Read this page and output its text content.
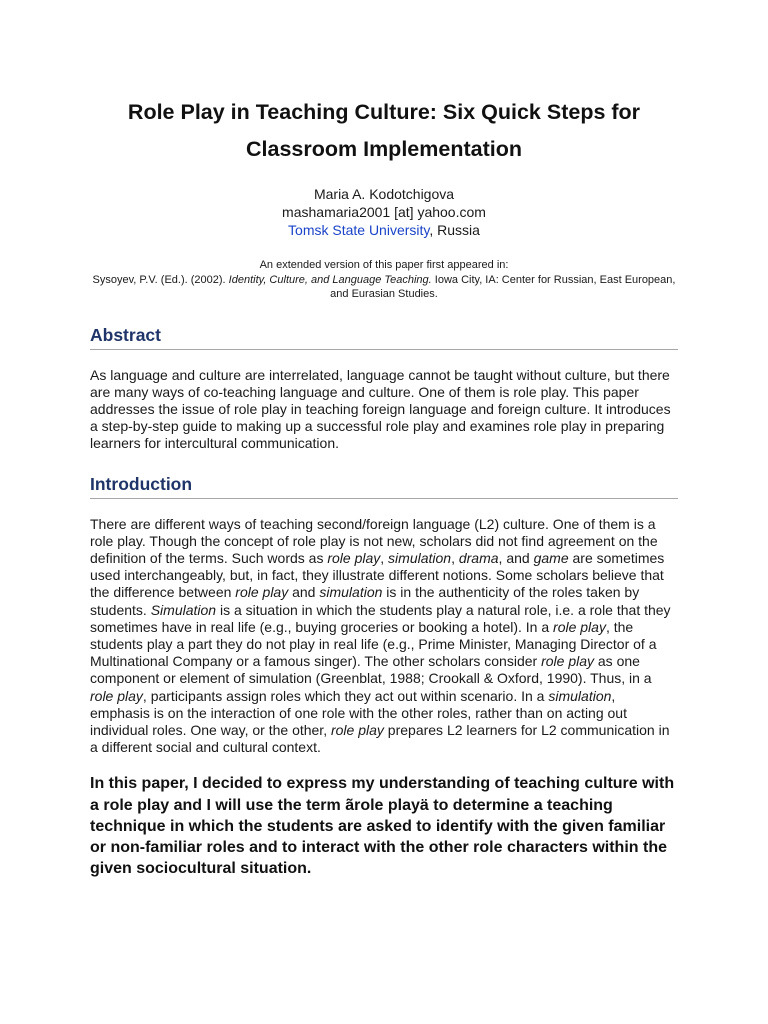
Role Play in Teaching Culture: Six Quick Steps for Classroom Implementation
Maria A. Kodotchigova
mashamaria2001 [at] yahoo.com
Tomsk State University, Russia
An extended version of this paper first appeared in:
Sysoyev, P.V. (Ed.). (2002). Identity, Culture, and Language Teaching. Iowa City, IA: Center for Russian, East European, and Eurasian Studies.
Abstract

As language and culture are interrelated, language cannot be taught without culture, but there are many ways of co-teaching language and culture. One of them is role play. This paper addresses the issue of role play in teaching foreign language and foreign culture. It introduces a step-by-step guide to making up a successful role play and examines role play in preparing learners for intercultural communication.

Introduction

There are different ways of teaching second/foreign language (L2) culture. One of them is a role play. Though the concept of role play is not new, scholars did not find agreement on the definition of the terms. Such words as role play, simulation, drama, and game are sometimes used interchangeably, but, in fact, they illustrate different notions. Some scholars believe that the difference between role play and simulation is in the authenticity of the roles taken by students. Simulation is a situation in which the students play a natural role, i.e. a role that they sometimes have in real life (e.g., buying groceries or booking a hotel). In a role play, the students play a part they do not play in real life (e.g., Prime Minister, Managing Director of a Multinational Company or a famous singer). The other scholars consider role play as one component or element of simulation (Greenblat, 1988; Crookall & Oxford, 1990). Thus, in a role play, participants assign roles which they act out within scenario. In a simulation, emphasis is on the interaction of one role with the other roles, rather than on acting out individual roles. One way, or the other, role play prepares L2 learners for L2 communication in a different social and cultural context.

In this paper, I decided to express my understanding of teaching culture with a role play and I will use the term ãrole playä to determine a teaching technique in which the students are asked to identify with the given familiar or non-familiar roles and to interact with the other role characters within the given sociocultural situation.
